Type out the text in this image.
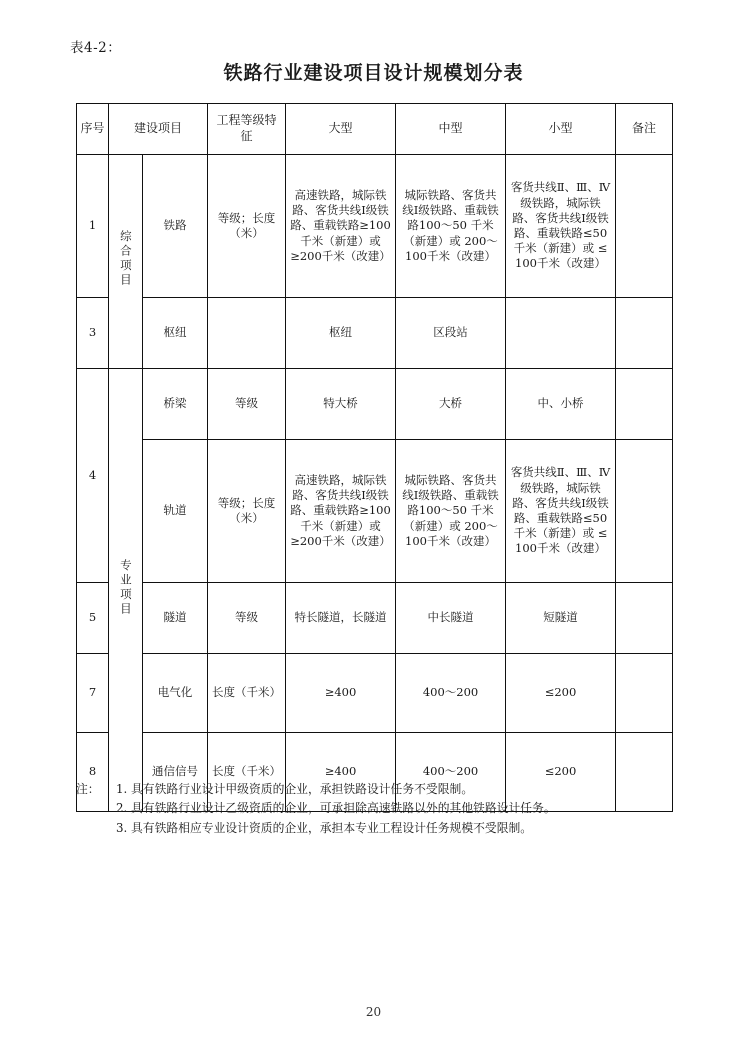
表4-2：
铁路行业建设项目设计规模划分表
序号	建设项目		工程等级特征	大型	中型	小型	备注
1	综合项目	铁路	等级；长度（米）	高速铁路，城际铁路、客货共线Ⅰ级铁路、重载铁路≥100千米（新建）或≥200千米（改建）	城际铁路、客货共线Ⅰ级铁路、重载铁路100～50 千米（新建）或 200～100千米（改建）	客货共线Ⅱ、Ⅲ、Ⅳ级铁路，城际铁路、客货共线Ⅰ级铁路、重载铁路≤50 千米（新建）或 ≤ 100千米（改建）	
3		枢纽		枢纽	区段站		
4	专业项目	桥梁	等级	特大桥	大桥	中、小桥	
		轨道	等级；长度（米）	高速铁路，城际铁路、客货共线Ⅰ级铁路、重载铁路≥100千米（新建）或≥200千米（改建）	城际铁路、客货共线Ⅰ级铁路、重载铁路100～50 千米（新建）或 200～100千米（改建）	客货共线Ⅱ、Ⅲ、Ⅳ级铁路，城际铁路、客货共线Ⅰ级铁路、重载铁路≤50 千米（新建）或 ≤ 100千米（改建）	
5		隧道	等级	特长隧道，长隧道	中长隧道	短隧道	
7		电气化	长度（千米）	≥400	400～200	≤200	
8		通信信号	长度（千米）	≥400	400～200	≤200	
注：	1. 具有铁路行业设计甲级资质的企业，承担铁路设计任务不受限制。
2. 具有铁路行业设计乙级资质的企业，可承担除高速铁路以外的其他铁路设计任务。
3. 具有铁路相应专业设计资质的企业，承担本专业工程设计任务规模不受限制。
20
